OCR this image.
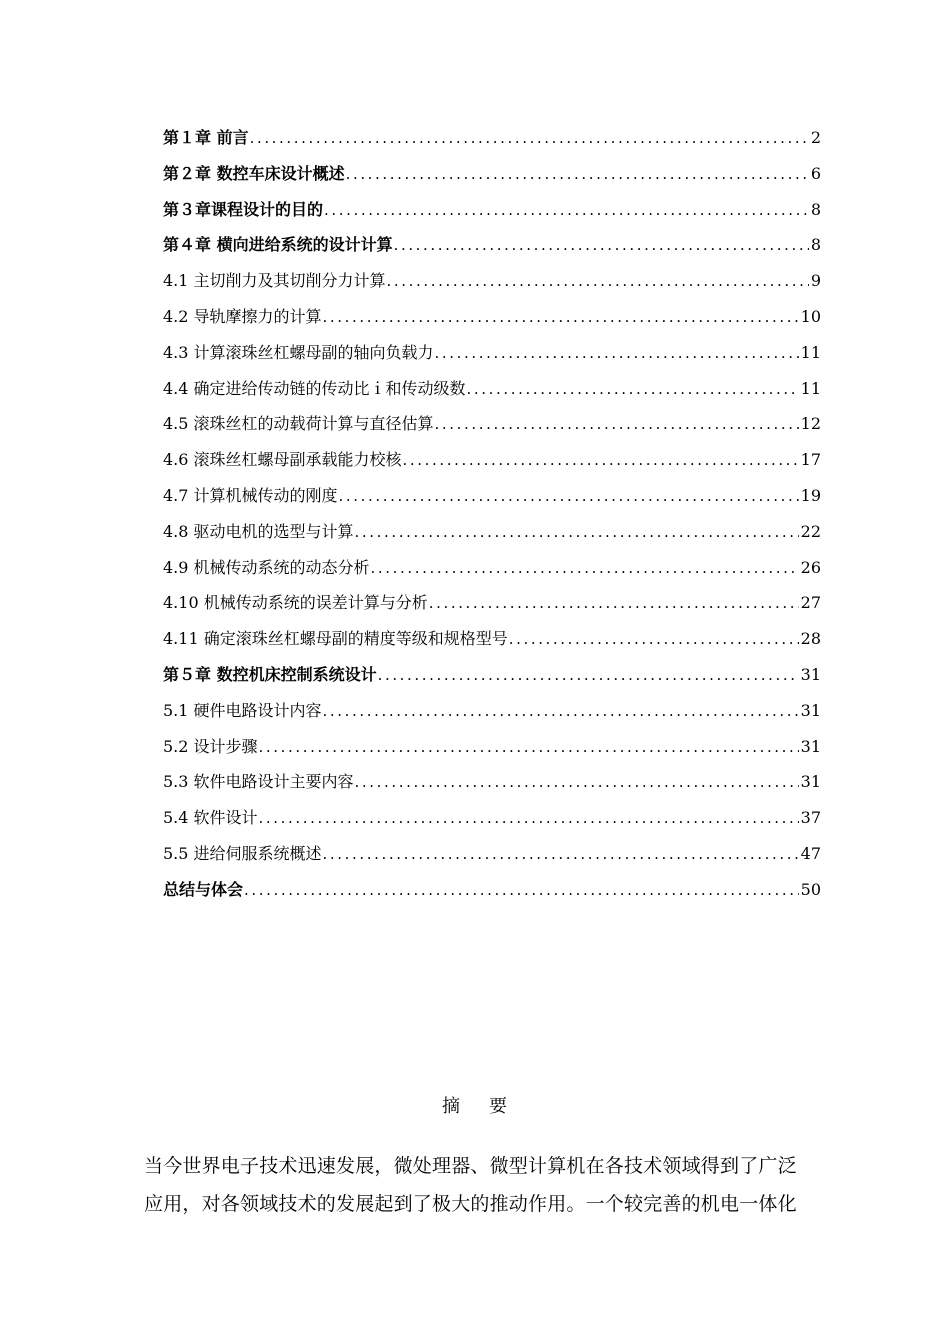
第１章 前言 .....	2
第２章 数控车床设计概述 .....	6
第３章课程设计的目的 .....	8
第４章 横向进给系统的设计计算 .....	8
4.1 主切削力及其切削分力计算 .....	9
4.2 导轨摩擦力的计算 .....	10
4.3 计算滚珠丝杠螺母副的轴向负载力 .....	11
4.4 确定进给传动链的传动比ｉ和传动级数 .....	11
4.5 滚珠丝杠的动载荷计算与直径估算 .....	12
4.6 滚珠丝杠螺母副承载能力校核 .....	17
4.7 计算机械传动的刚度 .....	19
4.8 驱动电机的选型与计算 .....	22
4.9 机械传动系统的动态分析 .....	26
4.10 机械传动系统的误差计算与分析 .....	27
4.11 确定滚珠丝杠螺母副的精度等级和规格型号 .....	28
第５章 数控机床控制系统设计 .....	31
5.1 硬件电路设计内容 .....	31
5.2 设计步骤 .....	31
5.3 软件电路设计主要内容 .....	31
5.4 软件设计 .....	37
5.5 进给伺服系统概述 .....	47
总结与体会 .....	50
摘 要

当今世界电子技术迅速发展，微处理器、微型计算机在各技术领域得到了广泛
应用，对各领域技术的发展起到了极大的推动作用。一个较完善的机电一体化
